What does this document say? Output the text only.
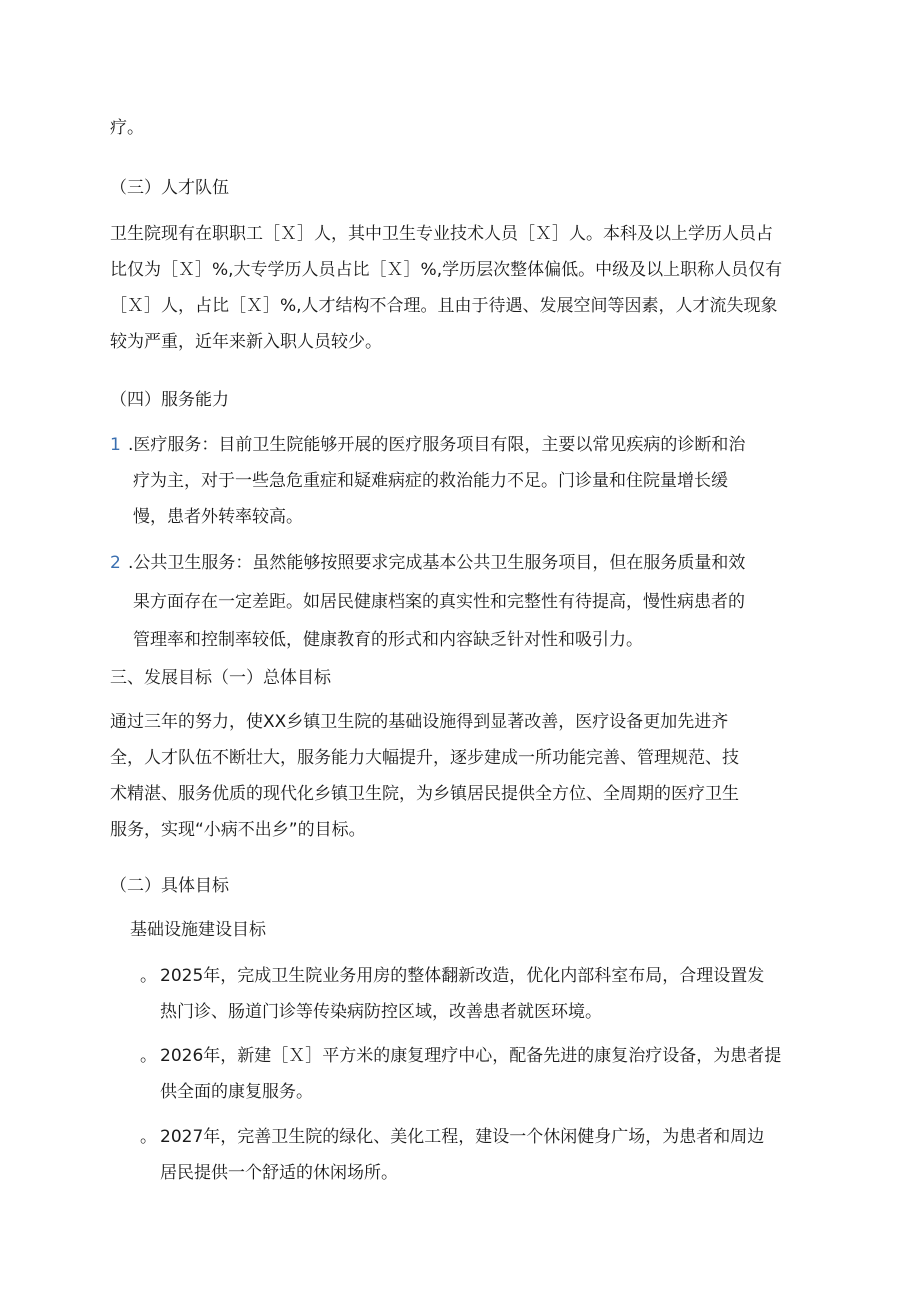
疗。
（三）人才队伍
卫生院现有在职职工［Ｘ］人，其中卫生专业技术人员［Ｘ］人。本科及以上学历人员占
比仅为［Ｘ］%,大专学历人员占比［Ｘ］%,学历层次整体偏低。中级及以上职称人员仅有
［Ｘ］人，占比［Ｘ］%,人才结构不合理。且由于待遇、发展空间等因素，人才流失现象
较为严重，近年来新入职人员较少。
（四）服务能力
1 .医疗服务：目前卫生院能够开展的医疗服务项目有限，主要以常见疾病的诊断和治
疗为主，对于一些急危重症和疑难病症的救治能力不足。门诊量和住院量增长缓
慢，患者外转率较高。
2 .公共卫生服务：虽然能够按照要求完成基本公共卫生服务项目，但在服务质量和效
果方面存在一定差距。如居民健康档案的真实性和完整性有待提高，慢性病患者的
管理率和控制率较低，健康教育的形式和内容缺乏针对性和吸引力。
三、发展目标（一）总体目标
通过三年的努力，使XX乡镇卫生院的基础设施得到显著改善，医疗设备更加先进齐
全，人才队伍不断壮大，服务能力大幅提升，逐步建成一所功能完善、管理规范、技
术精湛、服务优质的现代化乡镇卫生院，为乡镇居民提供全方位、全周期的医疗卫生
服务，实现“小病不出乡”的目标。
（二）具体目标
基础设施建设目标
。 2025年，完成卫生院业务用房的整体翻新改造，优化内部科室布局，合理设置发
热门诊、肠道门诊等传染病防控区域，改善患者就医环境。
。 2026年，新建［Ｘ］平方米的康复理疗中心，配备先进的康复治疗设备，为患者提
供全面的康复服务。
。 2027年，完善卫生院的绿化、美化工程，建设一个休闲健身广场，为患者和周边
居民提供一个舒适的休闲场所。
